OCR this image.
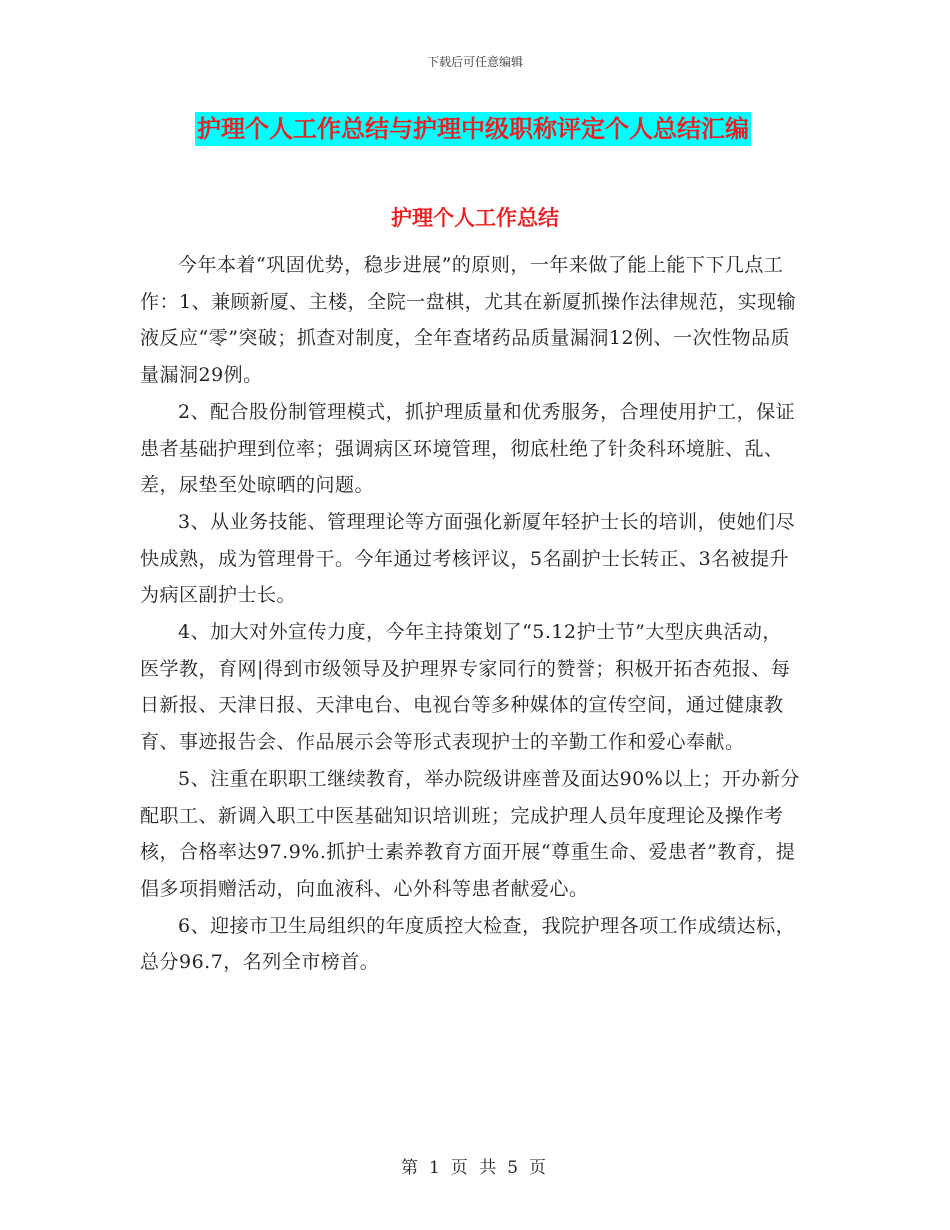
下载后可任意编辑
护理个人工作总结与护理中级职称评定个人总结汇编
护理个人工作总结

今年本着“巩固优势，稳步进展”的原则，一年来做了能上能下下几点工作：1、兼顾新厦、主楼，全院一盘棋，尤其在新厦抓操作法律规范，实现输液反应“零”突破；抓查对制度，全年查堵药品质量漏洞12例、一次性物品质量漏洞29例。

2、配合股份制管理模式，抓护理质量和优秀服务，合理使用护工，保证患者基础护理到位率；强调病区环境管理，彻底杜绝了针灸科环境脏、乱、差，尿垫至处晾晒的问题。

3、从业务技能、管理理论等方面强化新厦年轻护士长的培训，使她们尽快成熟，成为管理骨干。今年通过考核评议，5名副护士长转正、3名被提升为病区副护士长。

4、加大对外宣传力度，今年主持策划了“5.12护士节”大型庆典活动，医学教，育网|得到市级领导及护理界专家同行的赞誉；积极开拓杏苑报、每日新报、天津日报、天津电台、电视台等多种媒体的宣传空间，通过健康教育、事迹报告会、作品展示会等形式表现护士的辛勤工作和爱心奉献。

5、注重在职职工继续教育，举办院级讲座普及面达90%以上；开办新分配职工、新调入职工中医基础知识培训班；完成护理人员年度理论及操作考核，合格率达97.9%.抓护士素养教育方面开展“尊重生命、爱患者”教育，提倡多项捐赠活动，向血液科、心外科等患者献爱心。

6、迎接市卫生局组织的年度质控大检查，我院护理各项工作成绩达标，总分96.7，名列全市榜首。

第 1 页 共 5 页
